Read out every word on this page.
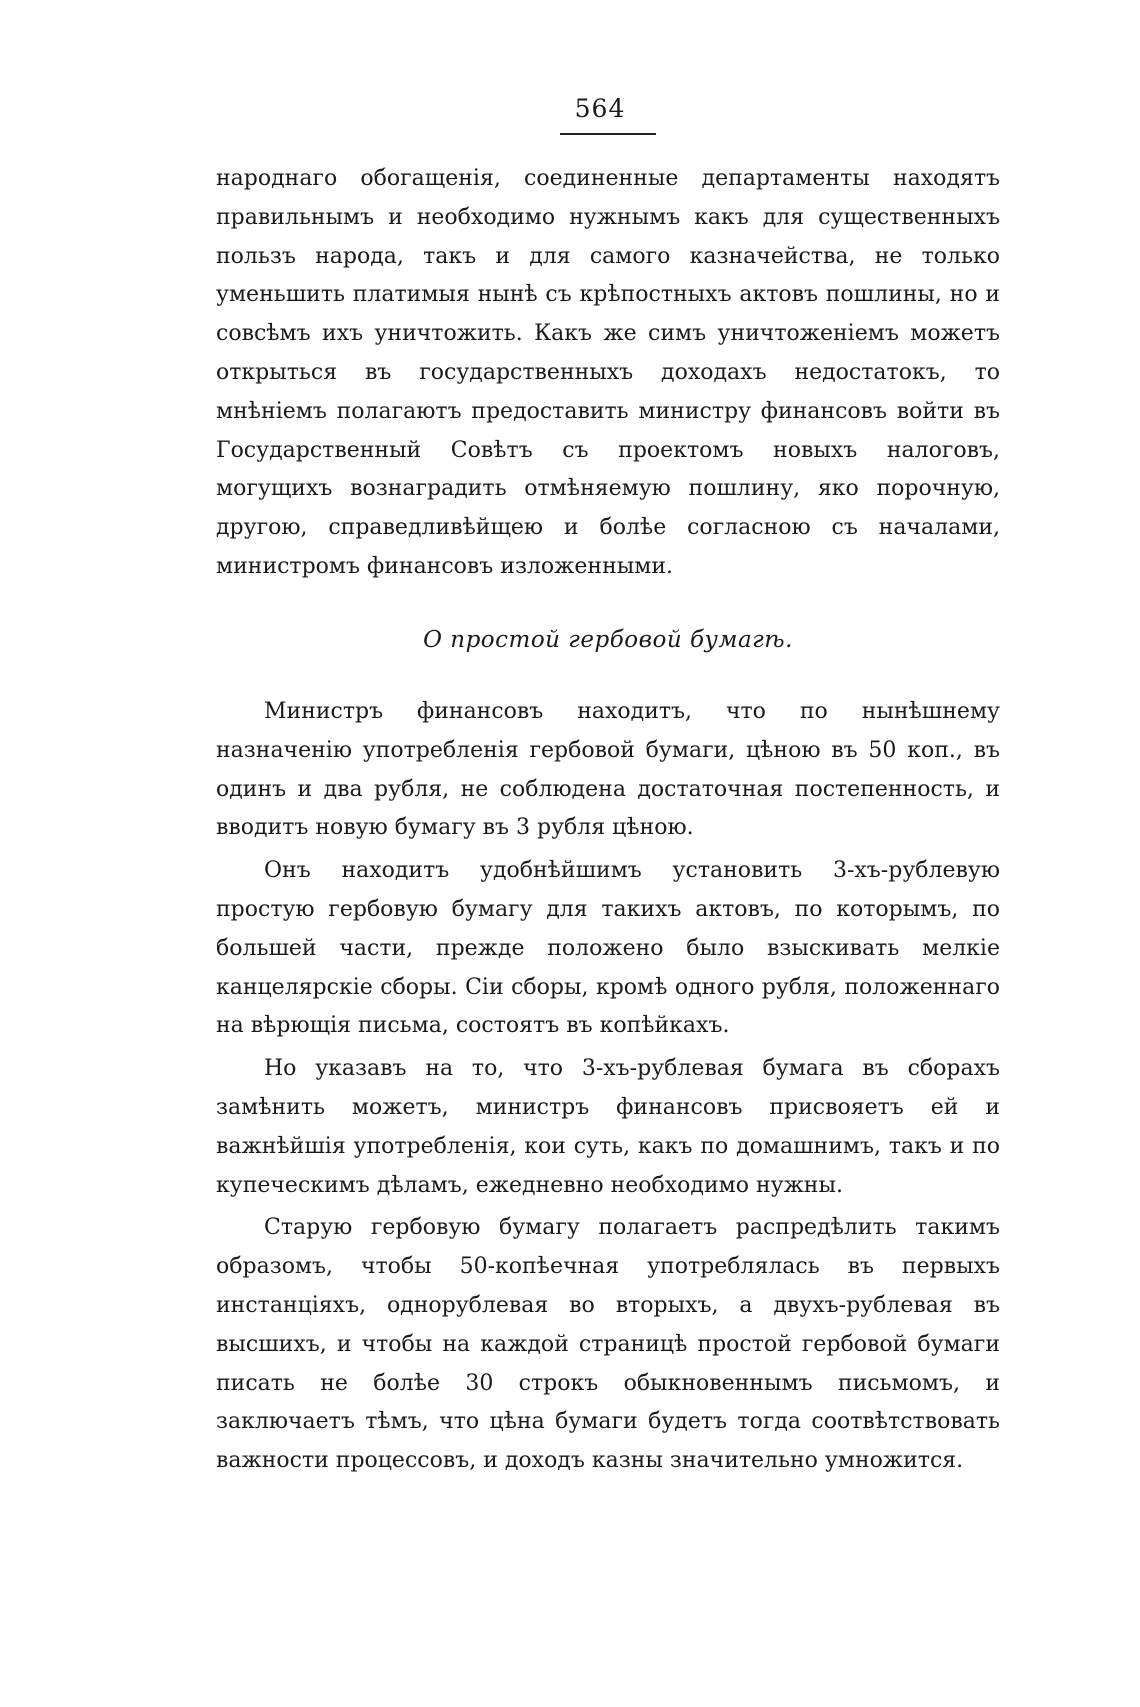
564

народнаго обогащенія, соединенные департаменты находятъ правильнымъ и необходимо нужнымъ какъ для существенныхъ пользъ народа, такъ и для самого казначейства, не только уменьшить платимыя нынѣ съ крѣпостныхъ актовъ пошлины, но и совсѣмъ ихъ уничтожить. Какъ же симъ уничтоженіемъ можетъ открыться въ государственныхъ доходахъ недостатокъ, то мнѣніемъ полагаютъ предоставить министру финансовъ войти въ Государственный Совѣтъ съ проектомъ новыхъ налоговъ, могущихъ вознаградить отмѣняемую пошлину, яко порочную, другою, справедливѣйщею и болѣе согласною съ началами, министромъ финансовъ изложенными.

О простой гербовой бумагѣ.

Министръ финансовъ находитъ, что по нынѣшнему назначенію употребленія гербовой бумаги, цѣною въ 50 коп., въ одинъ и два рубля, не соблюдена достаточная постепенность, и вводитъ новую бумагу въ 3 рубля цѣною.

Онъ находитъ удобнѣйшимъ установить 3-хъ-рублевую простую гербовую бумагу для такихъ актовъ, по которымъ, по большей части, прежде положено было взыскивать мелкіе канцелярскіе сборы. Сіи сборы, кромѣ одного рубля, положеннаго на вѣрющія письма, состоятъ въ копѣйкахъ.

Но указавъ на то, что 3-хъ-рублевая бумага въ сборахъ замѣнить можетъ, министръ финансовъ присвояетъ ей и важнѣйшія употребленія, кои суть, какъ по домашнимъ, такъ и по купеческимъ дѣламъ, ежедневно необходимо нужны.

Старую гербовую бумагу полагаетъ распредѣлить такимъ образомъ, чтобы 50-копѣечная употреблялась въ первыхъ инстанціяхъ, одноpублевая во вторыхъ, а двухъ-рублевая въ высшихъ, и чтобы на каждой страницѣ простой гербовой бумаги писать не болѣе 30 строкъ обыкновеннымъ письмомъ, и заключаетъ тѣмъ, что цѣна бумаги будетъ тогда соотвѣтствовать важности процессовъ, и доходъ казны значительно умножится.
